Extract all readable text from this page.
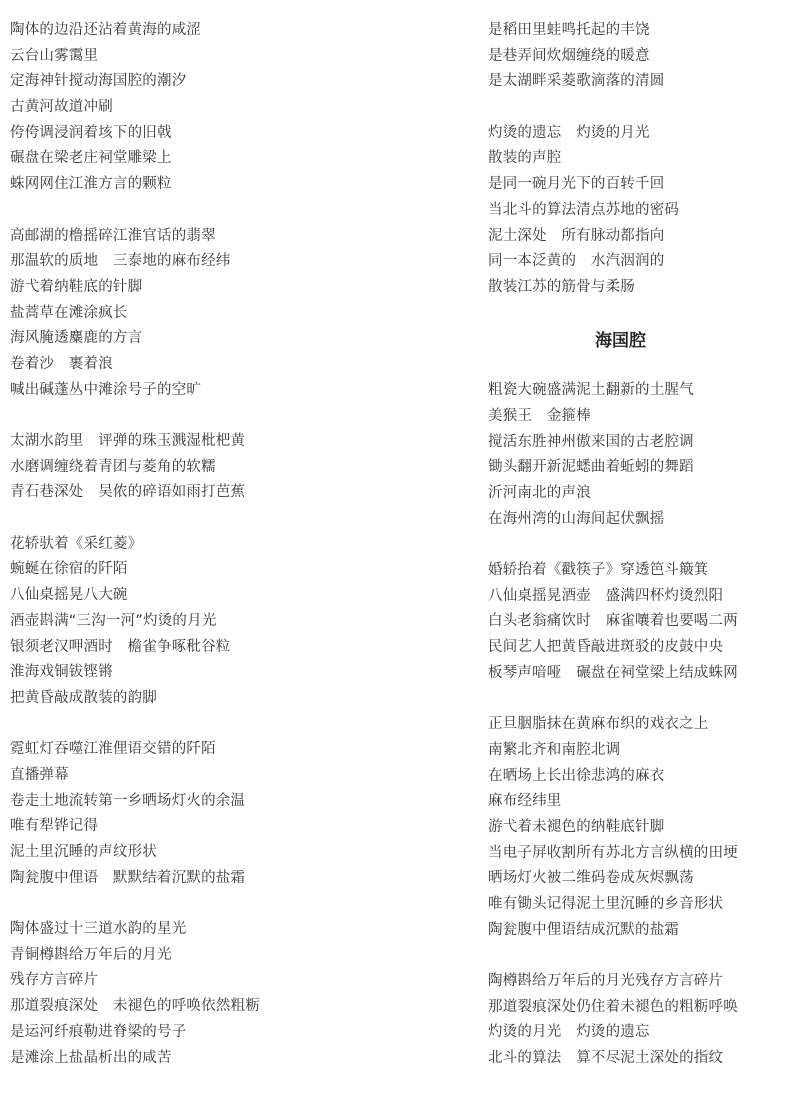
陶体的边沿还沾着黄海的咸涩
云台山雾霭里
定海神针搅动海国腔的潮汐
古黄河故道冲刷
侉侉调浸润着垓下的旧戟
碾盘在梁老庄祠堂雕梁上
蛛网网住江淮方言的颗粒
高邮湖的橹摇碎江淮官话的翡翠
那温软的质地　三泰地的麻布经纬
游弋着纳鞋底的针脚
盐蒿草在滩涂疯长
海风腌透麋鹿的方言
卷着沙　裹着浪
喊出碱蓬丛中滩涂号子的空旷
太湖水韵里　评弹的珠玉溅湿枇杷黄
水磨调缠绕着青团与菱角的软糯
青石巷深处　吴侬的碎语如雨打芭蕉
花轿驮着《采红菱》
蜿蜒在徐宿的阡陌
八仙桌摇晃八大碗
酒壶斟满“三沟一河”灼烫的月光
银须老汉呷酒时　檐雀争啄秕谷粒
淮海戏铜钹铿锵
把黄昏敲成散装的韵脚
霓虹灯吞噬江淮俚语交错的阡陌
直播弹幕
卷走土地流转第一乡晒场灯火的余温
唯有犁铧记得
泥土里沉睡的声纹形状
陶瓮腹中俚语　默默结着沉默的盐霜
陶体盛过十三道水韵的星光
青铜樽斟给万年后的月光
残存方言碎片
那道裂痕深处　未褪色的呼唤依然粗粝
是运河纤痕勒进脊梁的号子
是滩涂上盐晶析出的咸苦
是稻田里蛙鸣托起的丰饶
是巷弄间炊烟缠绕的暖意
是太湖畔采菱歌滴落的清圆
灼烫的遗忘　灼烫的月光
散装的声腔
是同一碗月光下的百转千回
当北斗的算法清点苏地的密码
泥土深处　所有脉动都指向
同一本泛黄的　水汽洇润的
散装江苏的筋骨与柔肠
海国腔
粗瓷大碗盛满泥土翻新的土腥气
美猴王　金箍棒
搅活东胜神州傲来国的古老腔调
锄头翻开新泥蟋曲着蚯蚓的舞蹈
沂河南北的声浪
在海州湾的山海间起伏飘摇
婚轿抬着《戳筷子》穿透笆斗簸箕
八仙桌摇晃酒壶　盛满四杯灼烫烈阳
白头老翁痛饮时　麻雀嚷着也要喝二两
民间艺人把黄昏敲进斑驳的皮鼓中央
板琴声喑哑　碾盘在祠堂梁上结成蛛网
正旦胭脂抹在黄麻布织的戏衣之上
南繁北齐和南腔北调
在晒场上长出徐悲鸿的麻衣
麻布经纬里
游弋着未褪色的纳鞋底针脚
当电子屏收割所有苏北方言纵横的田埂
晒场灯火被二维码卷成灰烬飘荡
唯有锄头记得泥土里沉睡的乡音形状
陶瓮腹中俚语结成沉默的盐霜
陶樽斟给万年后的月光残存方言碎片
那道裂痕深处仍住着未褪色的粗粝呼唤
灼烫的月光　灼烫的遗忘
北斗的算法　算不尽泥土深处的指纹
